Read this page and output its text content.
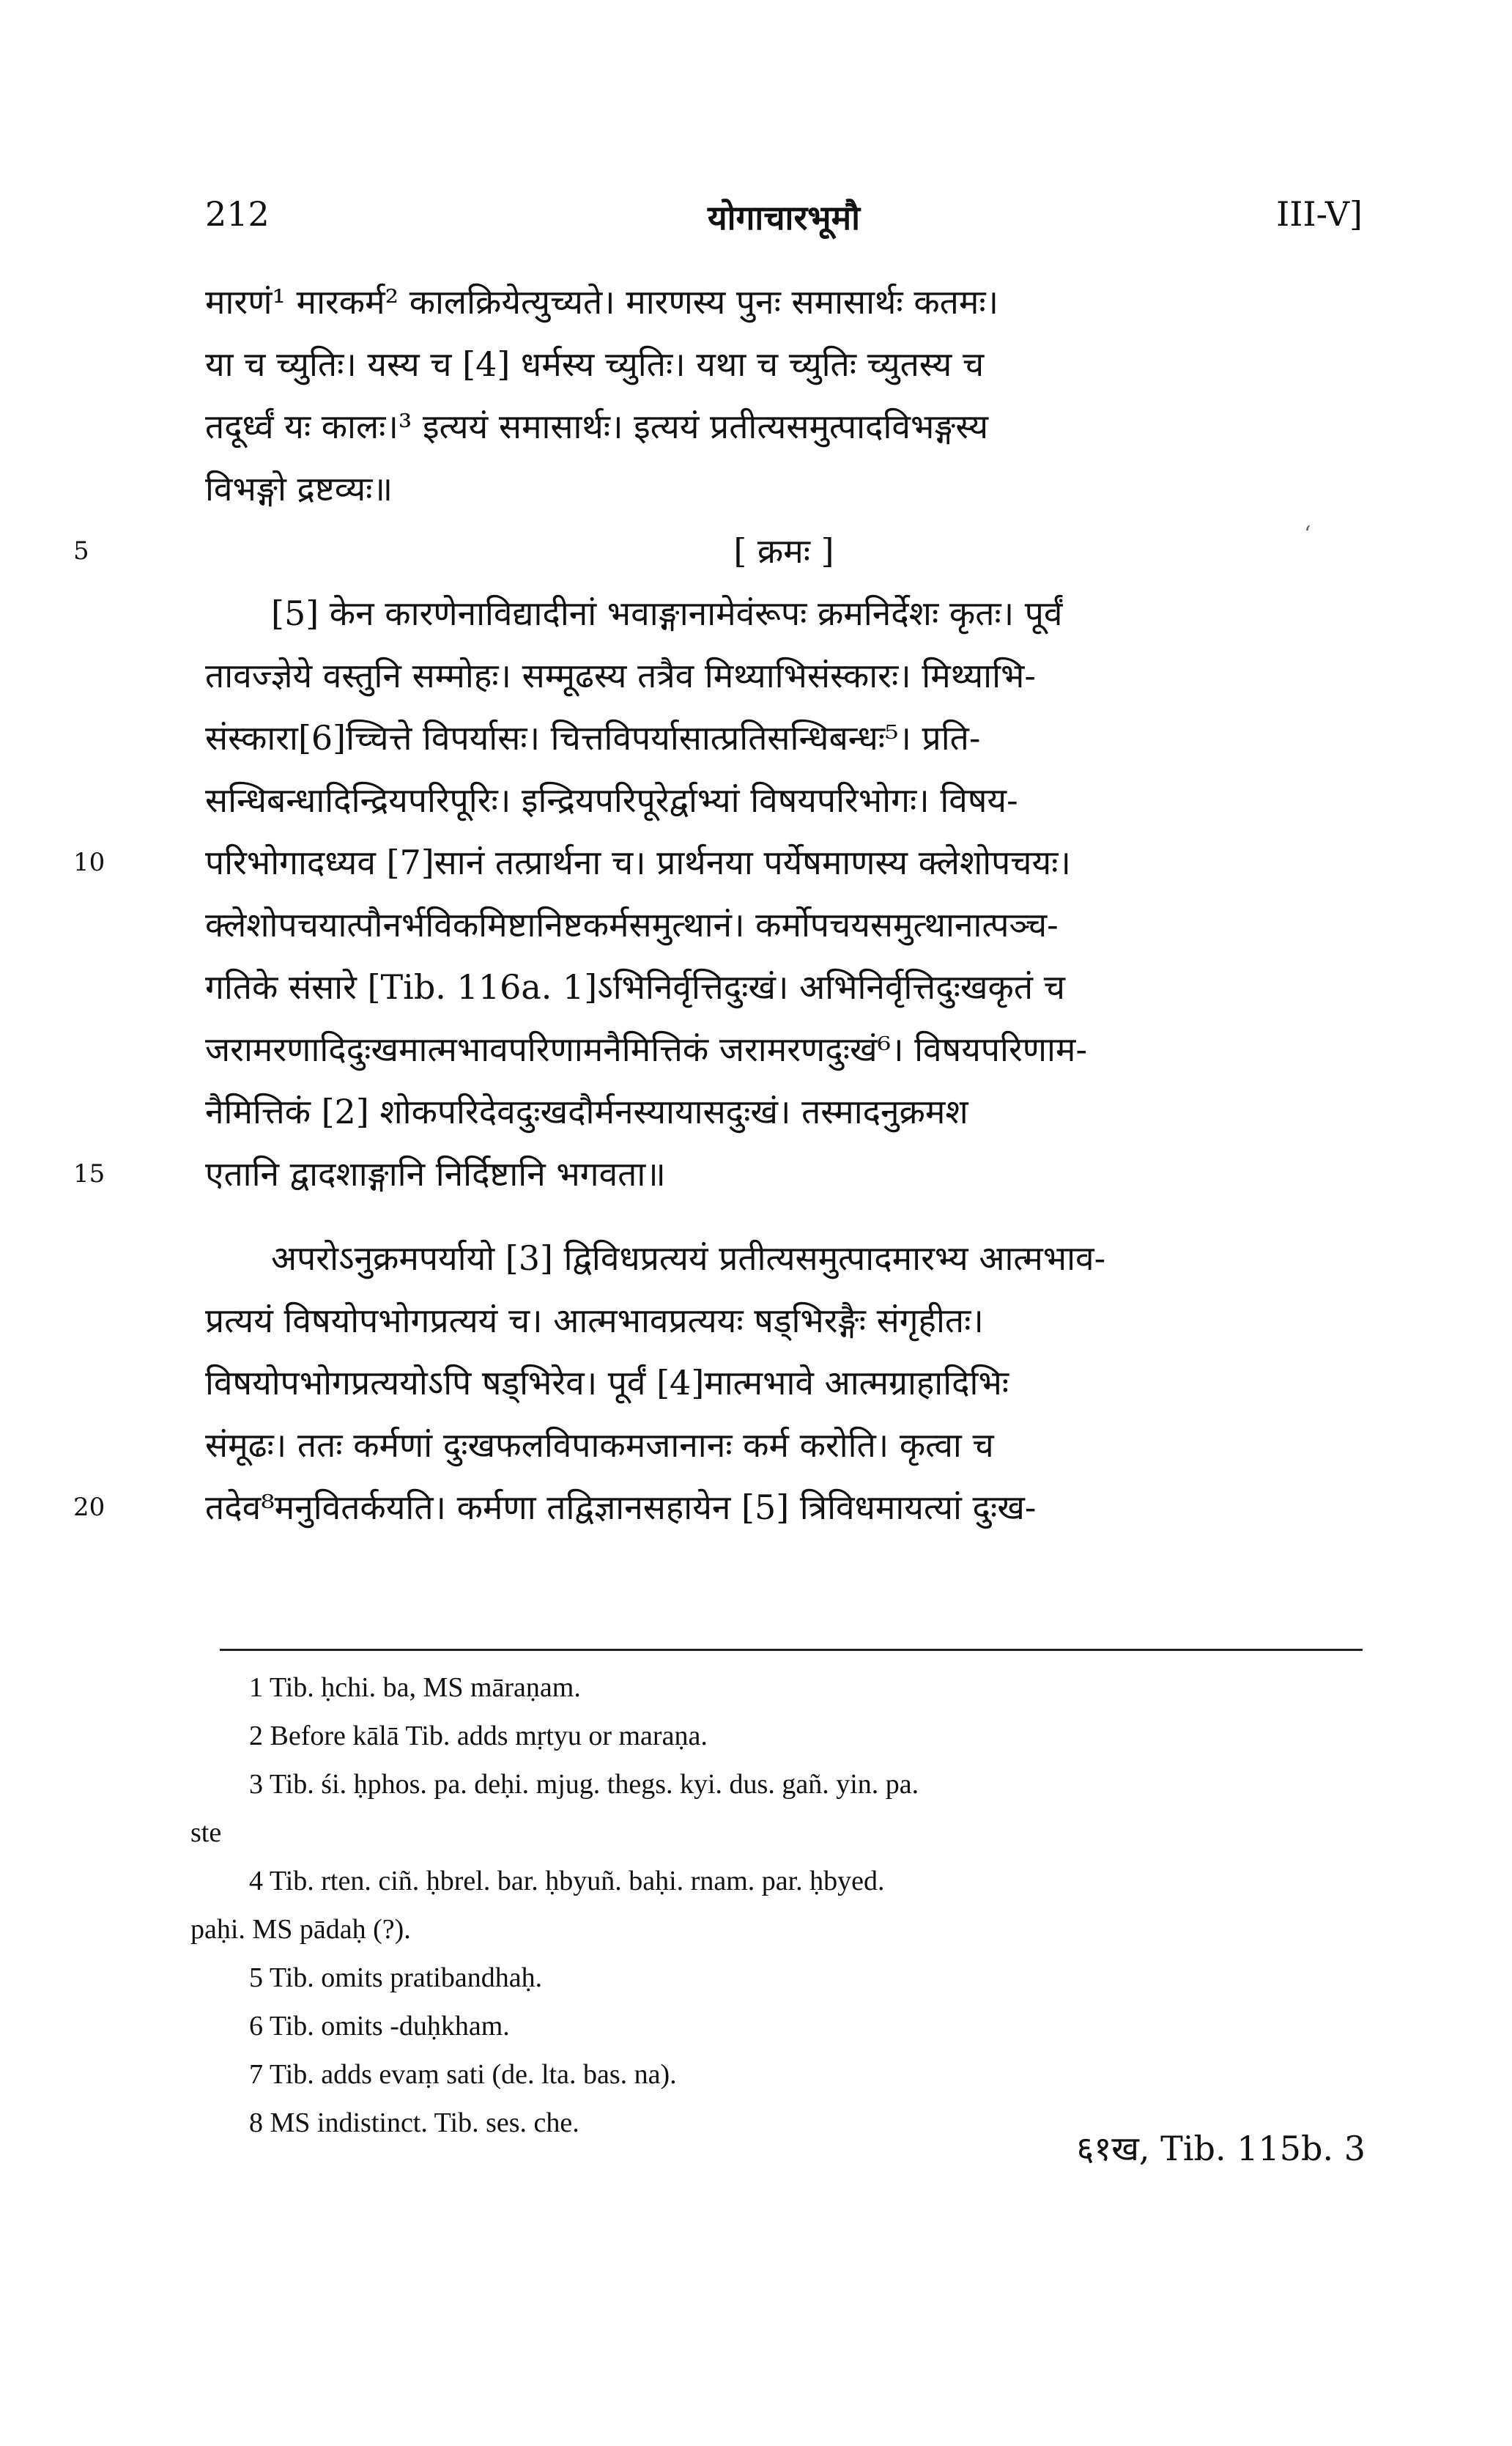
212	योगाचारभूमौ	III-V]
मारणं¹ मारकर्म² कालक्रियेत्युच्यते। मारणस्य पुनः समासार्थः कतमः।
या च च्युतिः। यस्य च [4] धर्मस्य च्युतिः। यथा च च्युतिः च्युतस्य च
तदूर्ध्वं यः कालः।³ इत्ययं समासार्थः। इत्ययं प्रतीत्यसमुत्पादविभङ्गस्य
विभङ्गो द्रष्टव्यः॥
[ क्रमः ]
[5] केन कारणेनाविद्यादीनां भवाङ्गानामेवंरूपः क्रमनिर्देशः कृतः। पूर्वं
तावज्ज्ञेये वस्तुनि सम्मोहः। सम्मूढस्य तत्रैव मिथ्याभिसंस्कारः। मिथ्याभि-
संस्कारा[6]च्चित्ते विपर्यासः। चित्तविपर्यासात्प्रतिसन्धिबन्धः⁵। प्रति-
सन्धिबन्धादिन्द्रियपरिपूरिः। इन्द्रियपरिपूरेर्द्वाभ्यां विषयपरिभोगः। विषय-
परिभोगादध्यव [7]सानं तत्प्रार्थना च। प्रार्थनया पर्येषमाणस्य क्लेशोपचयः।
क्लेशोपचयात्पौनर्भविकमिष्टानिष्टकर्मसमुत्थानं। कर्मोपचयसमुत्थानात्पञ्च-
गतिके संसारे [Tib. 116a. 1]ऽभिनिर्वृत्तिदुःखं। अभिनिर्वृत्तिदुःखकृतं च
जरामरणादिदुःखमात्मभावपरिणामनैमित्तिकं जरामरणदुःखं⁶। विषयपरिणाम-
नैमित्तिकं [2] शोकपरिदेवदुःखदौर्मनस्यायासदुःखं। तस्मादनुक्रमश
एतानि द्वादशाङ्गानि निर्दिष्टानि भगवता॥
अपरोऽनुक्रमपर्यायो [3] द्विविधप्रत्ययं प्रतीत्यसमुत्पादमारभ्य आत्मभाव-
प्रत्ययं विषयोपभोगप्रत्ययं च। आत्मभावप्रत्ययः षड्भिरङ्गैः संगृहीतः।
विषयोपभोगप्रत्ययोऽपि षड्भिरेव। पूर्वं [4]मात्मभावे आत्मग्राहादिभिः
संमूढः। ततः कर्मणां दुःखफलविपाकमजानानः कर्म करोति। कृत्वा च
तदेव⁸मनुवितर्कयति। कर्मणा तद्विज्ञानसहायेन [5] त्रिविधमायत्यां दुःख-
5
10
15
20
‘
1 Tib. ḥchi. ba, MS māraṇam.
2 Before kālā Tib. adds mṛtyu or maraṇa.
3 Tib. śi. ḥphos. pa. deḥi. mjug. thegs. kyi. dus. gañ. yin. pa.
ste
4 Tib. rten. ciñ. ḥbrel. bar. ḥbyuñ. baḥi. rnam. par. ḥbyed.
paḥi. MS pādaḥ (?).
5 Tib. omits pratibandhaḥ.
6 Tib. omits -duḥkham.
7 Tib. adds evaṃ sati (de. lta. bas. na).
8 MS indistinct. Tib. ses. che.
६१ख, Tib. 115b. 3
